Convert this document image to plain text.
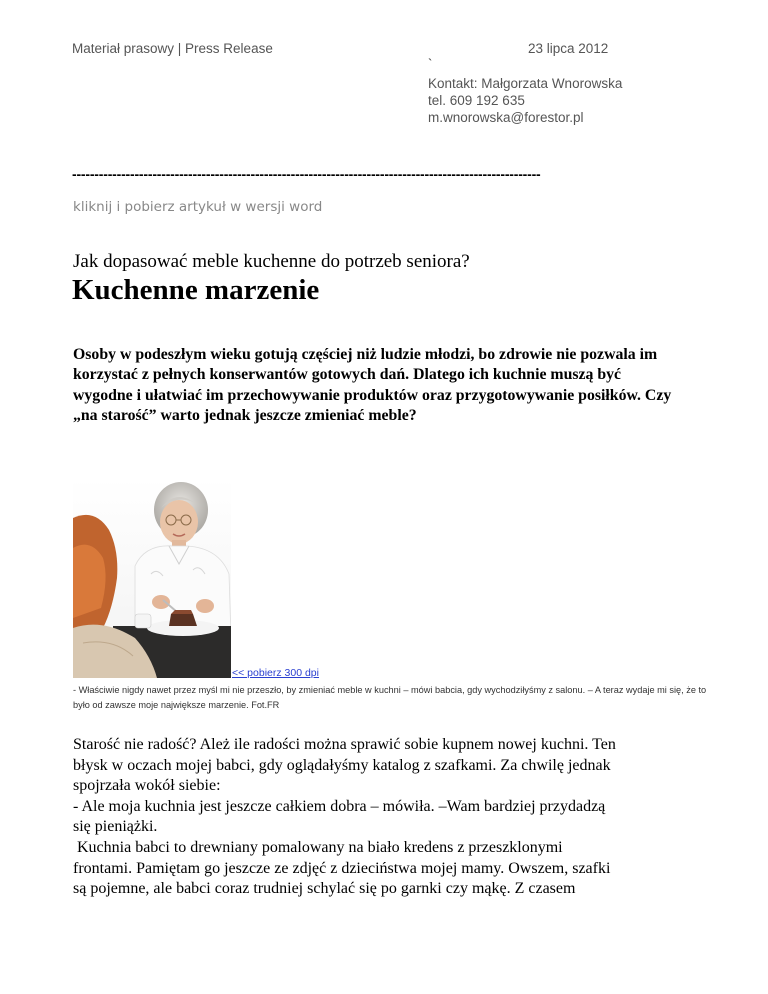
Materiał prasowy | Press Release	23 lipca 2012
`
Kontakt: Małgorzata Wnorowska
tel. 609 192 635
m.wnorowska@forestor.pl
---------------------------------------------------------------------------------------------------------
kliknij i pobierz artykuł w wersji word
Jak dopasować meble kuchenne do potrzeb seniora?
Kuchenne marzenie
Osoby w podeszłym wieku gotują częściej niż ludzie młodzi, bo zdrowie nie pozwala im korzystać z pełnych konserwantów gotowych dań. Dlatego ich kuchnie muszą być wygodne i ułatwiać im przechowywanie produktów oraz przygotowywanie posiłków. Czy „na starość” warto jednak jeszcze zmieniać meble?
<< pobierz 300 dpi
- Właściwie nigdy nawet przez myśl mi nie przeszło, by zmieniać meble w kuchni – mówi babcia, gdy wychodziłyśmy z salonu. – A teraz wydaje mi się, że to było od zawsze moje największe marzenie. Fot.FR
Starość nie radość? Ależ ile radości można sprawić sobie kupnem nowej kuchni. Ten
błysk w oczach mojej babci, gdy oglądałyśmy katalog z szafkami. Za chwilę jednak
spojrzała wokół siebie:
- Ale moja kuchnia jest jeszcze całkiem dobra – mówiła. –Wam bardziej przydadzą
się pieniążki.
Kuchnia babci to drewniany pomalowany na biało kredens z przeszklonymi
frontami. Pamiętam go jeszcze ze zdjęć z dzieciństwa mojej mamy. Owszem, szafki
są pojemne, ale babci coraz trudniej schylać się po garnki czy mąkę. Z czasem
